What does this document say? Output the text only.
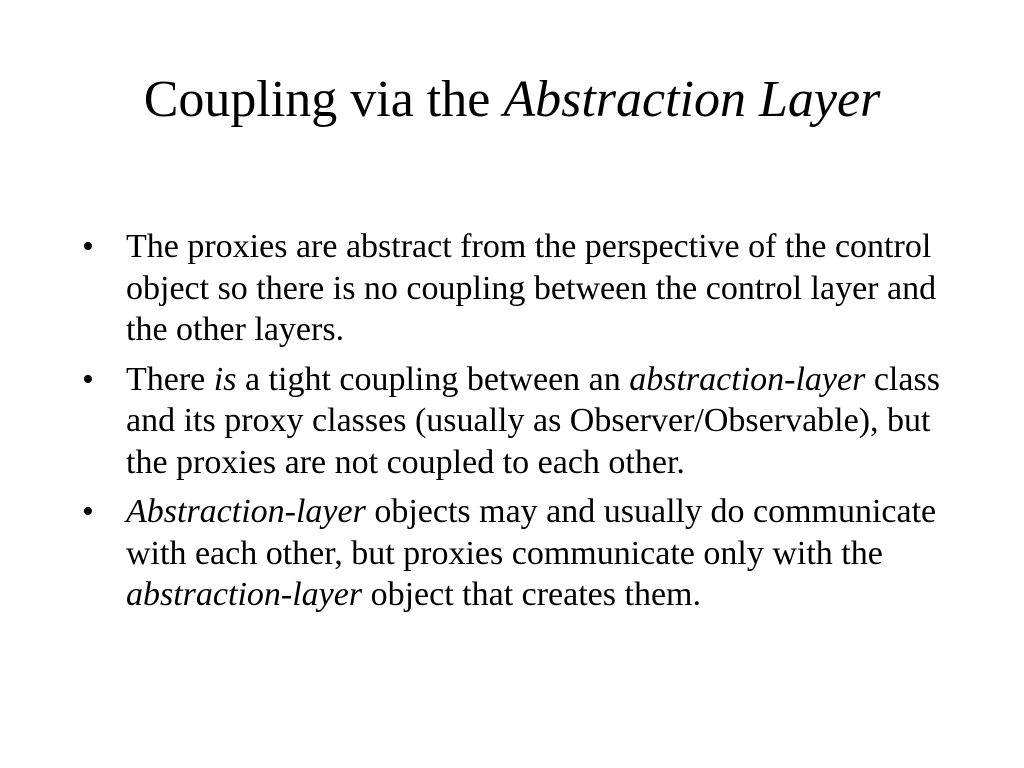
Coupling via the Abstraction Layer
• The proxies are abstract from the perspective of the control object so there is no coupling between the control layer and the other layers.
• There is a tight coupling between an abstraction-layer class and its proxy classes (usually as Observer/Observable), but the proxies are not coupled to each other.
• Abstraction-layer objects may and usually do communicate with each other, but proxies communicate only with the abstraction-layer object that creates them.
